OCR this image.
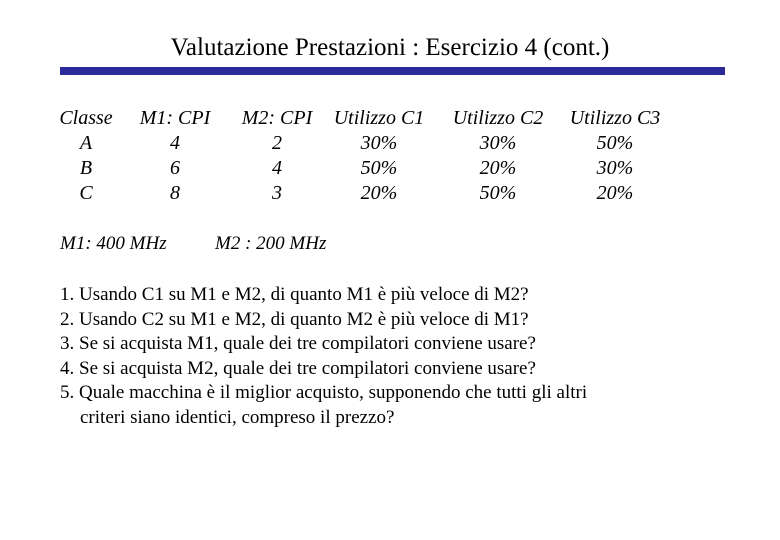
Valutazione Prestazioni : Esercizio 4 (cont.)
Classe	M1: CPI	M2: CPI	Utilizzo C1	Utilizzo C2	Utilizzo C3
A	4	2	30%	30%	50%
B	6	4	50%	20%	30%
C	8	3	20%	50%	20%
M1: 400 MHz	M2 : 200 MHz
1. Usando C1 su M1 e M2, di quanto M1 è più veloce di M2?
2. Usando C2 su M1 e M2, di quanto M2 è più veloce di M1?
3. Se si acquista M1, quale dei tre compilatori conviene usare?
4. Se si acquista M2, quale dei tre compilatori conviene usare?
5. Quale macchina è il miglior acquisto, supponendo che tutti gli altri criteri siano identici, compreso il prezzo?
